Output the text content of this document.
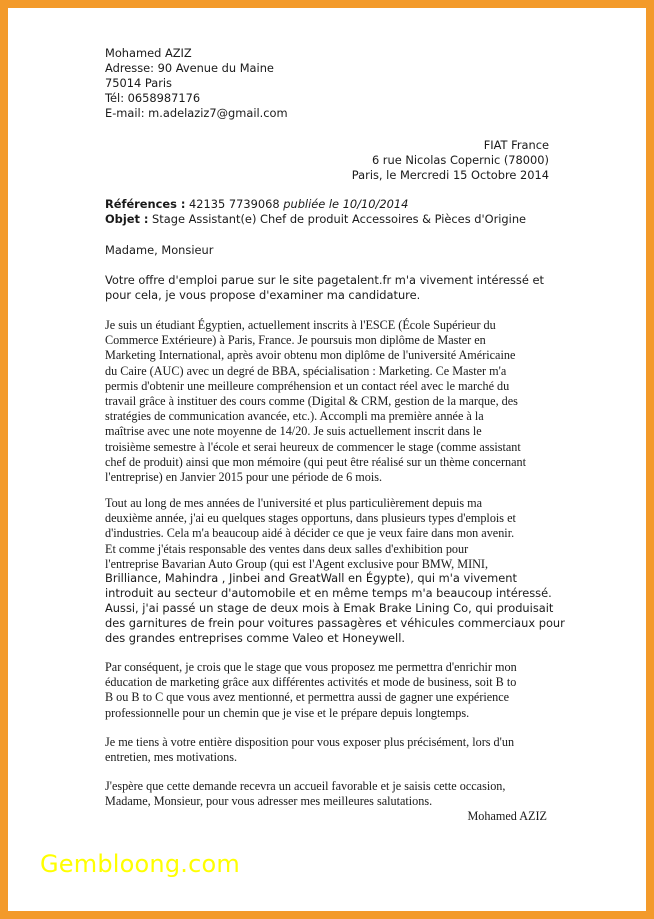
Mohamed AZIZ
Adresse: 90 Avenue du Maine
75014 Paris
Tél: 0658987176
E-mail: m.adelaziz7@gmail.com
FIAT France
6 rue Nicolas Copernic (78000)
Paris, le Mercredi 15 Octobre 2014
Références : 42135 7739068 publiée le 10/10/2014
Objet : Stage Assistant(e) Chef de produit Accessoires & Pièces d'Origine
Madame, Monsieur
Votre offre d'emploi parue sur le site pagetalent.fr m'a vivement intéressé et
pour cela, je vous propose d'examiner ma candidature.
Je suis un étudiant Égyptien, actuellement inscrits à l'ESCE (École Supérieur du
Commerce Extérieure) à Paris, France. Je poursuis mon diplôme de Master en
Marketing International, après avoir obtenu mon diplôme de l'université Américaine
du Caire (AUC) avec un degré de BBA, spécialisation : Marketing. Ce Master m'a
permis d'obtenir une meilleure compréhension et un contact réel avec le marché du
travail grâce à instituer des cours comme (Digital & CRM, gestion de la marque, des
stratégies de communication avancée, etc.). Accompli ma première année à la
maîtrise avec une note moyenne de 14/20. Je suis actuellement inscrit dans le
troisième semestre à l'école et serai heureux de commencer le stage (comme assistant
chef de produit) ainsi que mon mémoire (qui peut être réalisé sur un thème concernant
l'entreprise) en Janvier 2015 pour une période de 6 mois.
Tout au long de mes années de l'université et plus particulièrement depuis ma
deuxième année, j'ai eu quelques stages opportuns, dans plusieurs types d'emplois et
d'industries. Cela m'a beaucoup aidé à décider ce que je veux faire dans mon avenir.
Et comme j'étais responsable des ventes dans deux salles d'exhibition pour
l'entreprise Bavarian Auto Group (qui est l'Agent exclusive pour BMW, MINI,
Brilliance, Mahindra , Jinbei and GreatWall en Égypte), qui m'a vivement
introduit au secteur d'automobile et en même temps m'a beaucoup intéressé.
Aussi, j'ai passé un stage de deux mois à Emak Brake Lining Co, qui produisait
des garnitures de frein pour voitures passagères et véhicules commerciaux pour
des grandes entreprises comme Valeo et Honeywell.
Par conséquent, je crois que le stage que vous proposez me permettra d'enrichir mon
éducation de marketing grâce aux différentes activités et mode de business, soit B to
B ou B to C que vous avez mentionné, et permettra aussi de gagner une expérience
professionnelle pour un chemin que je vise et le prépare depuis longtemps.
Je me tiens à votre entière disposition pour vous exposer plus précisément, lors d'un
entretien, mes motivations.
J'espère que cette demande recevra un accueil favorable et je saisis cette occasion,
Madame, Monsieur, pour vous adresser mes meilleures salutations.
Mohamed AZIZ
Gembloong.com
